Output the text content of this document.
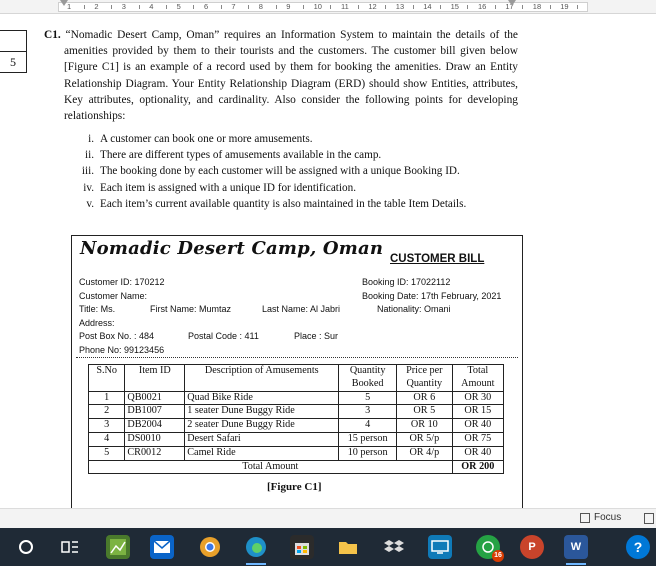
1	2	3	4	5	6	7	8	9	10	11	12	13	14	15	16	17	18	19
5
C1. “Nomadic Desert Camp, Oman” requires an Information System to maintain the details of the amenities provided by them to their tourists and the customers. The customer bill given below [Figure C1] is an example of a record used by them for booking the amenities. Draw an Entity Relationship Diagram. Your Entity Relationship Diagram (ERD) should show Entities, attributes, Key attributes, optionality, and cardinality. Also consider the following points for developing relationships:
i. A customer can book one or more amusements.
ii. There are different types of amusements available in the camp.
iii. The booking done by each customer will be assigned with a unique Booking ID.
iv. Each item is assigned with a unique ID for identification.
v. Each item’s current available quantity is also maintained in the table Item Details.
Nomadic Desert Camp, Oman CUSTOMER BILL
Customer ID: 170212
Customer Name:
Title: Ms.	First Name: Mumtaz	Last Name: Al Jabri
Address:
Post Box No. : 484	Postal Code : 411	Place : Sur
Phone No: 99123456
Booking ID: 17022112
Booking Date: 17th February, 2021
Nationality: Omani
S.No	Item ID	Description of Amusements	Quantity Booked	Price per Quantity	Total Amount
1	QB0021	Quad Bike Ride	5	OR 6	OR 30
2	DB1007	1 seater Dune Buggy Ride	3	OR 5	OR 15
3	DB2004	2 seater Dune Buggy Ride	4	OR 10	OR 40
4	DS0010	Desert Safari	15 person	OR 5/p	OR 75
5	CR0012	Camel Ride	10 person	OR 4/p	OR 40
Total Amount					OR 200
[Figure C1]
Focus
16
P	W	?
